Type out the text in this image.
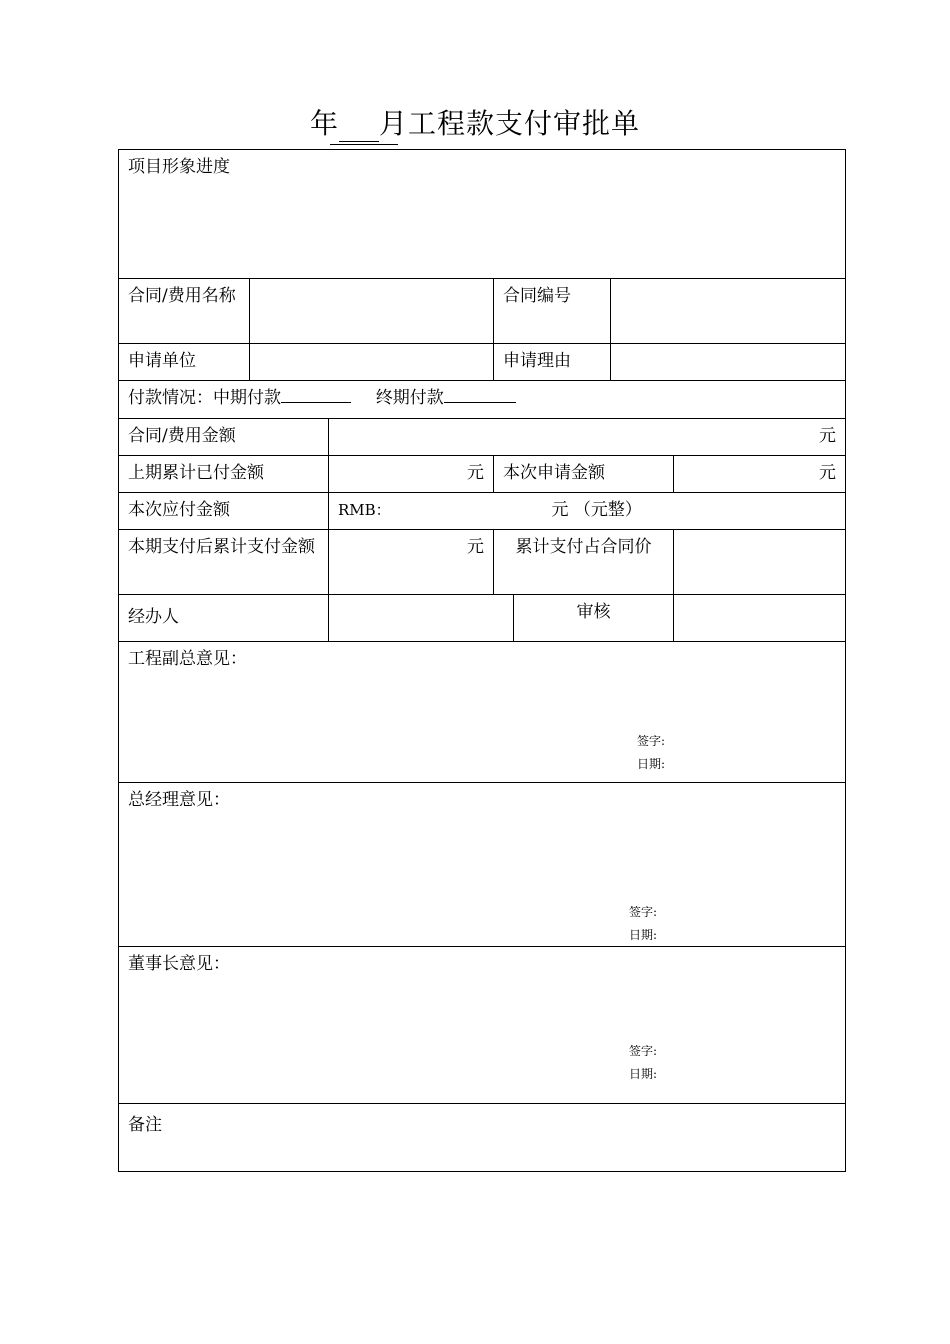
年 月工程款支付审批单
项目形象进度
合同/费用名称	合同编号
申请单位	申请理由
付款情况：中期付款	终期付款
合同/费用金额	元
上期累计已付金额	元	本次申请金额	元
本次应付金额	RMB：	元 （元整）
本期支付后累计支付金额	元	累计支付占合同价
经办人	审核
工程副总意见：
签字:
日期:
总经理意见：
签字:
日期:
董事长意见：
签字:
日期:
备注
